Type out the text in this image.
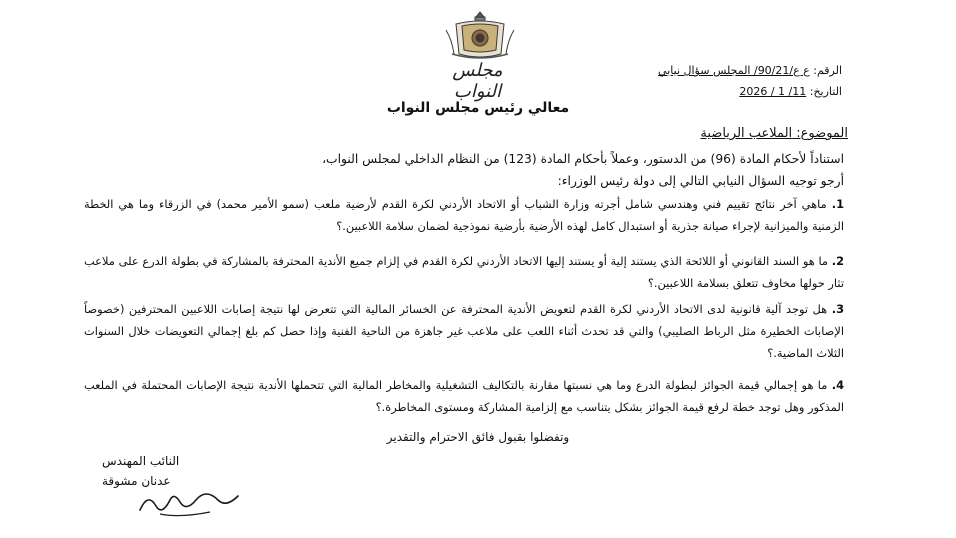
مجلس النواب
الرقم: ع ع/90/21/ المجلس سؤال نيابي
التاريخ: 11/ 1 / 2026
معالي رئيس مجلس النواب
الموضوع: الملاعب الرياضية
استناداً لأحكام المادة (96) من الدستور، وعملاً بأحكام المادة (123) من النظام الداخلي لمجلس النواب،
أرجو توجيه السؤال النيابي التالي إلى دولة رئيس الوزراء:
1. ماهي آخر نتائج تقييم فني وهندسي شامل أجرته وزارة الشباب أو الاتحاد الأردني لكرة القدم لأرضية ملعب (سمو الأمير محمد) في الزرقاء وما هي الخطة الزمنية والميزانية لإجراء صيانة جذرية أو استبدال كامل لهذه الأرضية بأرضية نموذجية لضمان سلامة اللاعبين.؟
2. ما هو السند القانوني أو اللائحة الذي يستند إلية أو يستند إليها الاتحاد الأردني لكرة القدم في إلزام جميع الأندية المحترفة بالمشاركة في بطولة الدرع على ملاعب تثار حولها مخاوف تتعلق بسلامة اللاعبين.؟
3. هل توجد آلية قانونية لدى الاتحاد الأردني لكرة القدم لتعويض الأندية المحترفة عن الخسائر المالية التي تتعرض لها نتيجة إصابات اللاعبين المحترفين (خصوصاً الإصابات الخطيرة مثل الرباط الصليبي) والتي قد تحدث أثناء اللعب على ملاعب غير جاهزة من الناحية الفنية وإذا حصل كم بلغ إجمالي التعويضات خلال السنوات الثلاث الماضية.؟
4. ما هو إجمالي قيمة الجوائز لبطولة الدرع وما هي نسبتها مقارنة بالتكاليف التشغيلية والمخاطر المالية التي تتحملها الأندية نتيجة الإصابات المحتملة في الملعب المذكور وهل توجد خطة لرفع قيمة الجوائز بشكل يتناسب مع إلزامية المشاركة ومستوى المخاطرة.؟
وتفضلوا بقبول فائق الاحترام والتقدير
النائب المهندس
عدنان مشوقة
